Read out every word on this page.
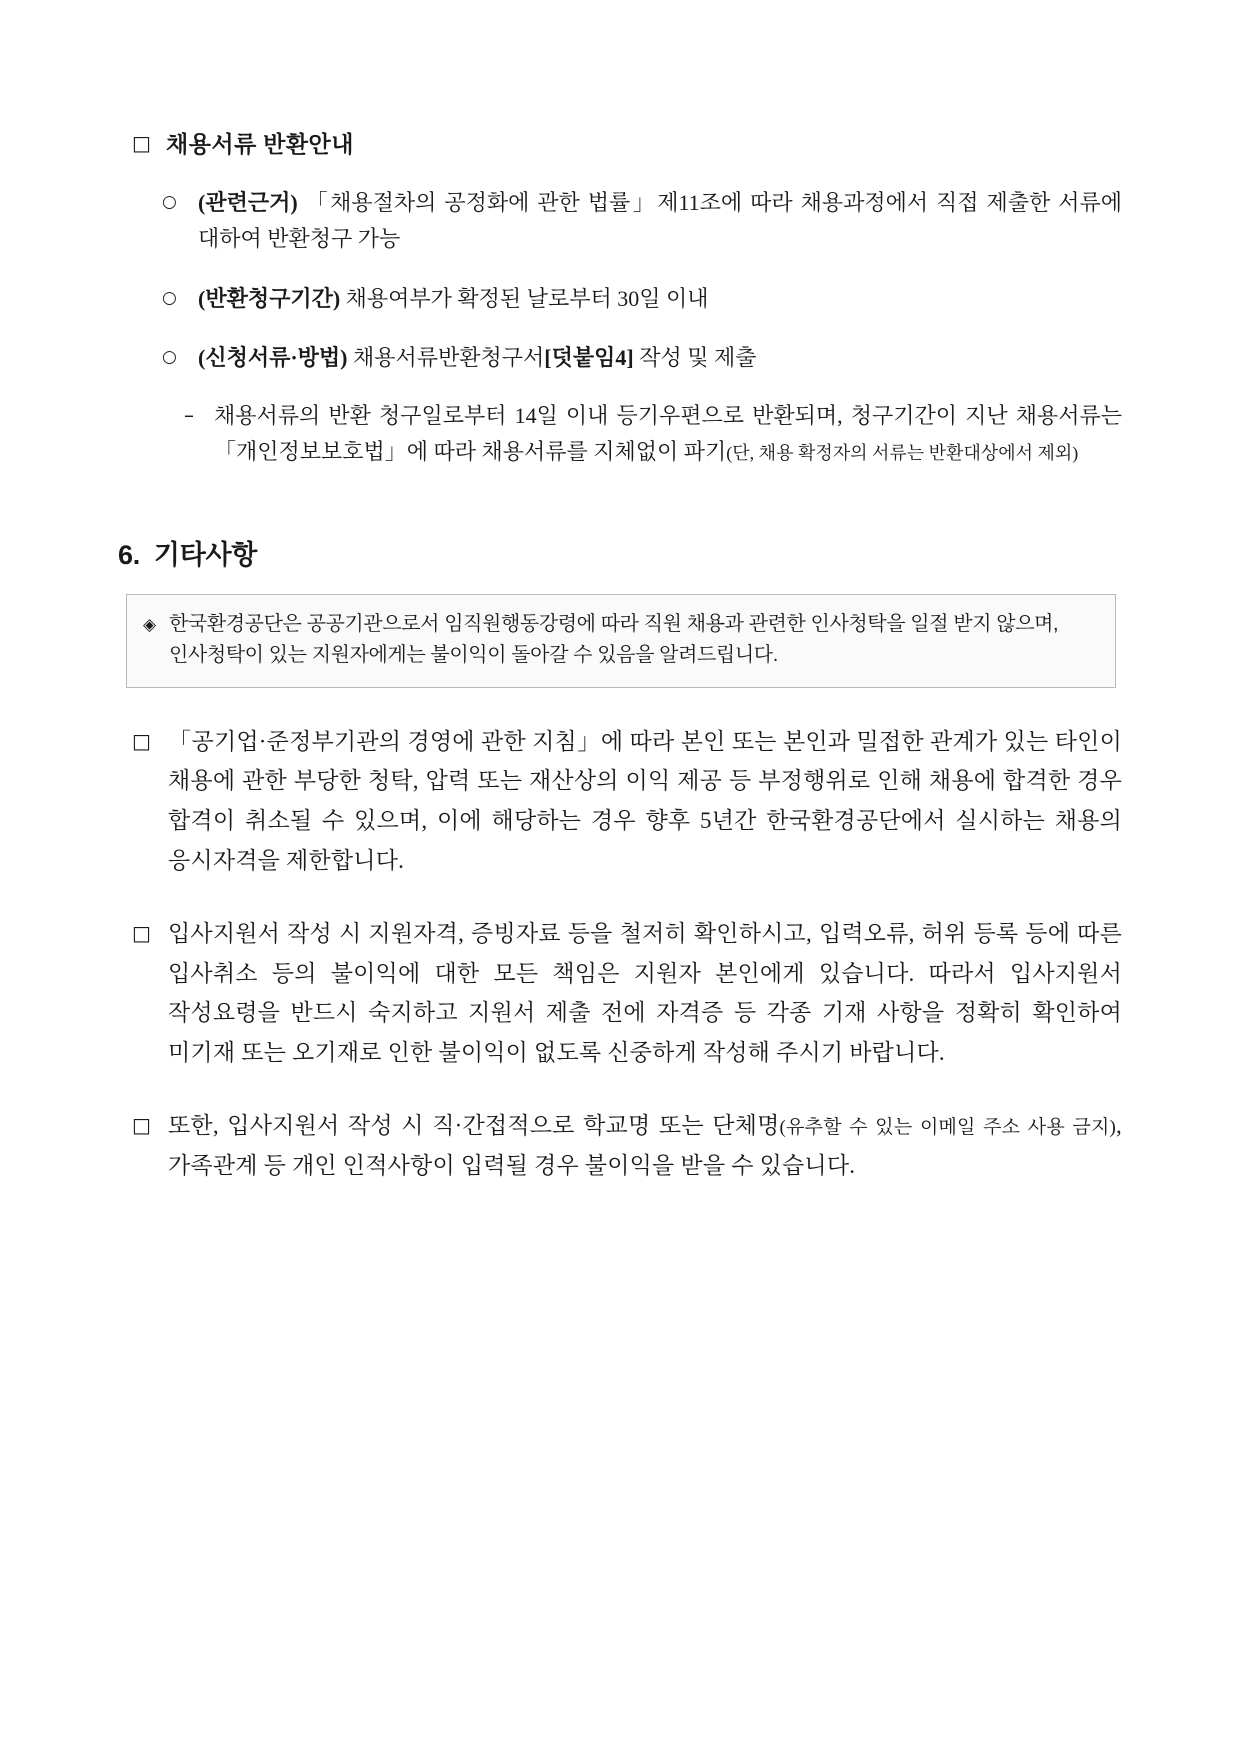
□ 채용서류 반환안내
○ (관련근거) 「채용절차의 공정화에 관한 법률」제11조에 따라 채용과정에서 직접 제출한 서류에 대하여 반환청구 가능
○ (반환청구기간) 채용여부가 확정된 날로부터 30일 이내
○ (신청서류·방법) 채용서류반환청구서[덧붙임4] 작성 및 제출
– 채용서류의 반환 청구일로부터 14일 이내 등기우편으로 반환되며, 청구기간이 지난 채용서류는「개인정보보호법」에 따라 채용서류를 지체없이 파기(단, 채용 확정자의 서류는 반환대상에서 제외)
6. 기타사항
◈ 한국환경공단은 공공기관으로서 임직원행동강령에 따라 직원 채용과 관련한 인사청탁을 일절 받지 않으며, 인사청탁이 있는 지원자에게는 불이익이 돌아갈 수 있음을 알려드립니다.
□ 「공기업·준정부기관의 경영에 관한 지침」에 따라 본인 또는 본인과 밀접한 관계가 있는 타인이 채용에 관한 부당한 청탁, 압력 또는 재산상의 이익 제공 등 부정행위로 인해 채용에 합격한 경우 합격이 취소될 수 있으며, 이에 해당하는 경우 향후 5년간 한국환경공단에서 실시하는 채용의 응시자격을 제한합니다.
□ 입사지원서 작성 시 지원자격, 증빙자료 등을 철저히 확인하시고, 입력오류, 허위 등록 등에 따른 입사취소 등의 불이익에 대한 모든 책임은 지원자 본인에게 있습니다. 따라서 입사지원서 작성요령을 반드시 숙지하고 지원서 제출 전에 자격증 등 각종 기재 사항을 정확히 확인하여 미기재 또는 오기재로 인한 불이익이 없도록 신중하게 작성해 주시기 바랍니다.
□ 또한, 입사지원서 작성 시 직·간접적으로 학교명 또는 단체명(유추할 수 있는 이메일 주소 사용 금지), 가족관계 등 개인 인적사항이 입력될 경우 불이익을 받을 수 있습니다.
